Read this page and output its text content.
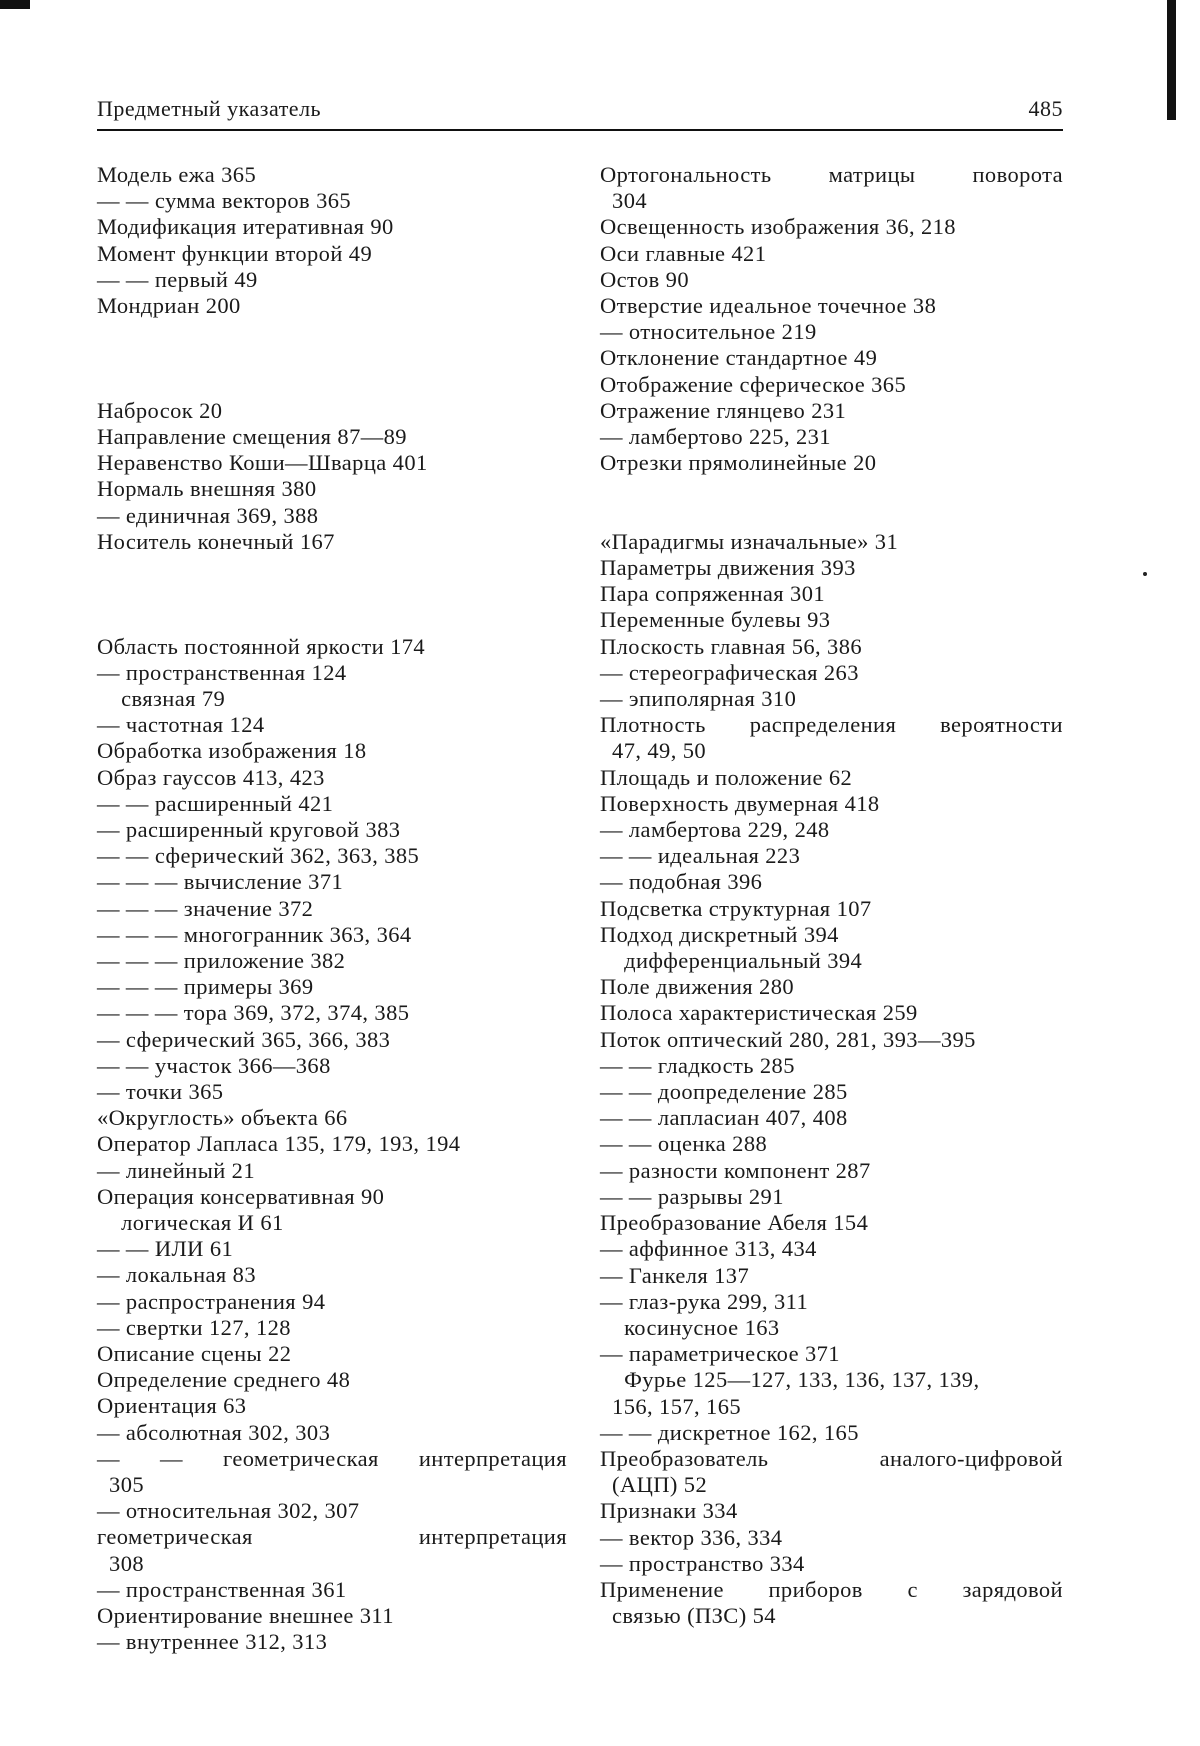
Предметный указатель	485
Модель ежа 365
— — сумма векторов 365
Модификация итеративная 90
Момент функции второй 49
— — первый 49
Мондриан 200
Набросок 20
Направление смещения 87—89
Неравенство Коши—Шварца 401
Нормаль внешняя 380
— единичная 369, 388
Носитель конечный 167
Область постоянной яркости 174
— пространственная 124
связная 79
— частотная 124
Обработка изображения 18
Образ гауссов 413, 423
— — расширенный 421
— расширенный круговой 383
— — сферический 362, 363, 385
— — — вычисление 371
— — — значение 372
— — — многогранник 363, 364
— — — приложение 382
— — — примеры 369
— — — тора 369, 372, 374, 385
— сферический 365, 366, 383
— — участок 366—368
— точки 365
«Округлость» объекта 66
Оператор Лапласа 135, 179, 193, 194
— линейный 21
Операция консервативная 90
логическая И 61
— — ИЛИ 61
— локальная 83
— распространения 94
— свертки 127, 128
Описание сцены 22
Определение среднего 48
Ориентация 63
— абсолютная 302, 303
— — геометрическая интерпретация
305
— относительная 302, 307
геометрическая интерпретация
308
— пространственная 361
Ориентирование внешнее 311
— внутреннее 312, 313
Ортогональность матрицы поворота
304
Освещенность изображения 36, 218
Оси главные 421
Остов 90
Отверстие идеальное точечное 38
— относительное 219
Отклонение стандартное 49
Отображение сферическое 365
Отражение глянцево 231
— ламбертово 225, 231
Отрезки прямолинейные 20
«Парадигмы изначальные» 31
Параметры движения 393
Пара сопряженная 301
Переменные булевы 93
Плоскость главная 56, 386
— стереографическая 263
— эпиполярная 310
Плотность распределения вероятности
47, 49, 50
Площадь и положение 62
Поверхность двумерная 418
— ламбертова 229, 248
— — идеальная 223
— подобная 396
Подсветка структурная 107
Подход дискретный 394
дифференциальный 394
Поле движения 280
Полоса характеристическая 259
Поток оптический 280, 281, 393—395
— — гладкость 285
— — доопределение 285
— — лапласиан 407, 408
— — оценка 288
— разности компонент 287
— — разрывы 291
Преобразование Абеля 154
— аффинное 313, 434
— Ганкеля 137
— глаз-рука 299, 311
косинусное 163
— параметрическое 371
Фурье 125—127, 133, 136, 137, 139,
156, 157, 165
— — дискретное 162, 165
Преобразователь аналого-цифровой
(АЦП) 52
Признаки 334
— вектор 336, 334
— пространство 334
Применение приборов с зарядовой
связью (ПЗС) 54
